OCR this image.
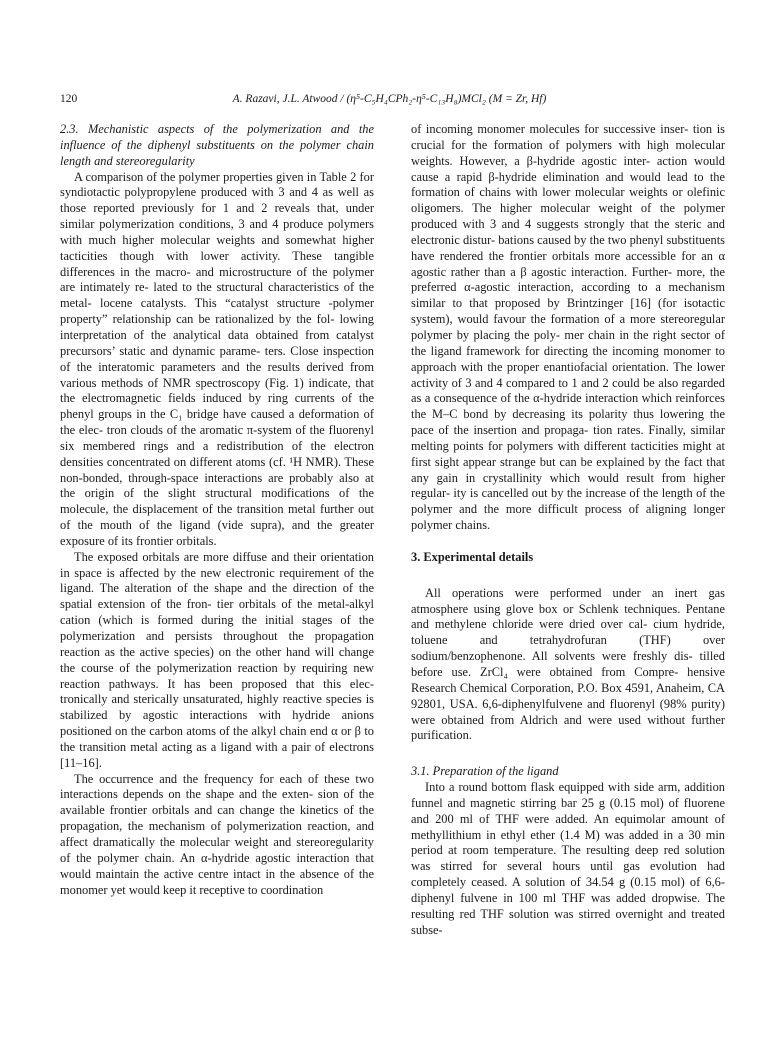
120	A. Razavi, J.L. Atwood / (η⁵-C₅H₄CPh₂-η⁵-C₁₃H₈)MCl₂ (M = Zr, Hf)

2.3. Mechanistic aspects of the polymerization and the influence of the diphenyl substituents on the polymer chain length and stereoregularity

A comparison of the polymer properties given in Table 2 for syndiotactic polypropylene produced with 3 and 4 as well as those reported previously for 1 and 2 reveals that, under similar polymerization conditions, 3 and 4 produce polymers with much higher molecular weights and somewhat higher tacticities though with lower activity. These tangible differences in the macro- and microstructure of the polymer are intimately re- lated to the structural characteristics of the metal- locene catalysts. This “catalyst structure -polymer property” relationship can be rationalized by the fol- lowing interpretation of the analytical data obtained from catalyst precursors’ static and dynamic parame- ters. Close inspection of the interatomic parameters and the results derived from various methods of NMR spectroscopy (Fig. 1) indicate, that the electromagnetic fields induced by ring currents of the phenyl groups in the C₁ bridge have caused a deformation of the elec- tron clouds of the aromatic π-system of the fluorenyl six membered rings and a redistribution of the electron densities concentrated on different atoms (cf. ¹H NMR). These non-bonded, through-space interactions are probably also at the origin of the slight structural modifications of the molecule, the displacement of the transition metal further out of the mouth of the ligand (vide supra), and the greater exposure of its frontier orbitals.

The exposed orbitals are more diffuse and their orientation in space is affected by the new electronic requirement of the ligand. The alteration of the shape and the direction of the spatial extension of the fron- tier orbitals of the metal-alkyl cation (which is formed during the initial stages of the polymerization and persists throughout the propagation reaction as the active species) on the other hand will change the course of the polymerization reaction by requiring new reaction pathways. It has been proposed that this elec- tronically and sterically unsaturated, highly reactive species is stabilized by agostic interactions with hydride anions positioned on the carbon atoms of the alkyl chain end α or β to the transition metal acting as a ligand with a pair of electrons [11–16].

The occurrence and the frequency for each of these two interactions depends on the shape and the exten- sion of the available frontier orbitals and can change the kinetics of the propagation, the mechanism of polymerization reaction, and affect dramatically the molecular weight and stereoregularity of the polymer chain. An α-hydride agostic interaction that would maintain the active centre intact in the absence of the monomer yet would keep it receptive to coordination

of incoming monomer molecules for successive inser- tion is crucial for the formation of polymers with high molecular weights. However, a β-hydride agostic inter- action would cause a rapid β-hydride elimination and would lead to the formation of chains with lower molecular weights or olefinic oligomers. The higher molecular weight of the polymer produced with 3 and 4 suggests strongly that the steric and electronic distur- bations caused by the two phenyl substituents have rendered the frontier orbitals more accessible for an α agostic rather than a β agostic interaction. Further- more, the preferred α-agostic interaction, according to a mechanism similar to that proposed by Brintzinger [16] (for isotactic system), would favour the formation of a more stereoregular polymer by placing the poly- mer chain in the right sector of the ligand framework for directing the incoming monomer to approach with the proper enantiofacial orientation. The lower activity of 3 and 4 compared to 1 and 2 could be also regarded as a consequence of the α-hydride interaction which reinforces the M–C bond by decreasing its polarity thus lowering the pace of the insertion and propaga- tion rates. Finally, similar melting points for polymers with different tacticities might at first sight appear strange but can be explained by the fact that any gain in crystallinity which would result from higher regular- ity is cancelled out by the increase of the length of the polymer and the more difficult process of aligning longer polymer chains.

3. Experimental details

All operations were performed under an inert gas atmosphere using glove box or Schlenk techniques. Pentane and methylene chloride were dried over cal- cium hydride, toluene and tetrahydrofuran (THF) over sodium/benzophenone. All solvents were freshly dis- tilled before use. ZrCl₄ were obtained from Compre- hensive Research Chemical Corporation, P.O. Box 4591, Anaheim, CA 92801, USA. 6,6-diphenylfulvene and fluorenyl (98% purity) were obtained from Aldrich and were used without further purification.

3.1. Preparation of the ligand

Into a round bottom flask equipped with side arm, addition funnel and magnetic stirring bar 25 g (0.15 mol) of fluorene and 200 ml of THF were added. An equimolar amount of methyllithium in ethyl ether (1.4 M) was added in a 30 min period at room temperature. The resulting deep red solution was stirred for several hours until gas evolution had completely ceased. A solution of 34.54 g (0.15 mol) of 6,6-diphenyl fulvene in 100 ml THF was added dropwise. The resulting red THF solution was stirred overnight and treated subse-
